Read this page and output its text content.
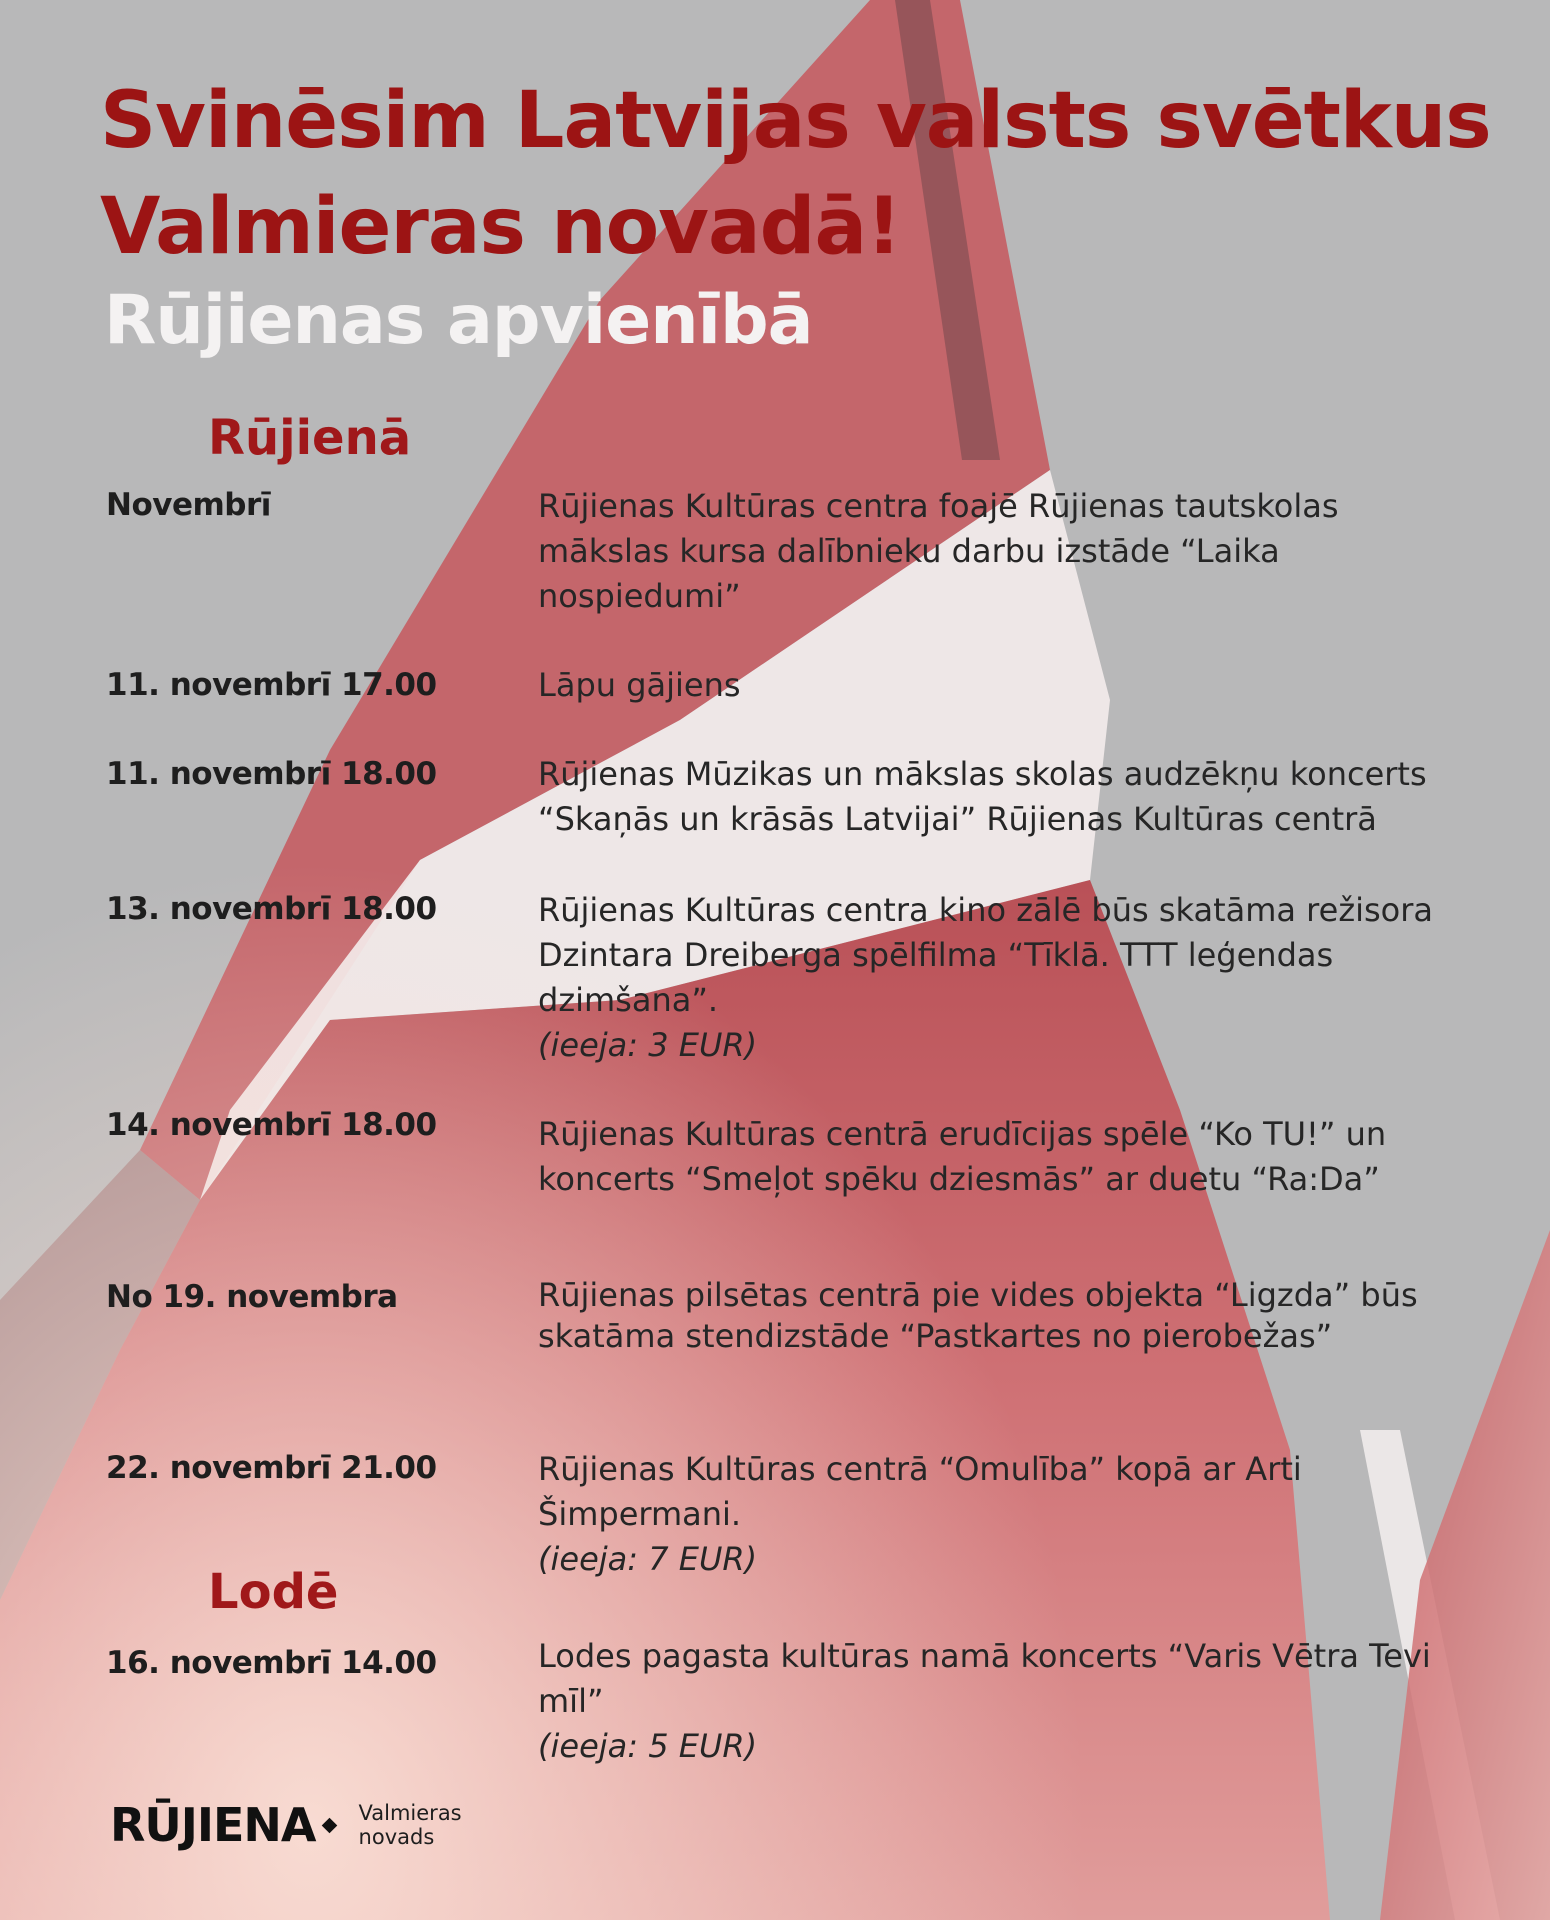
Svinēsim Latvijas valsts svētkus Valmieras novadā!
Rūjienas apvienībā
Rūjienā
Novembrī	Rūjienas Kultūras centra foajē Rūjienas tautskolas mākslas kursa dalībnieku darbu izstāde “Laika nospiedumi”
11. novembrī 17.00	Lāpu gājiens
11. novembrī 18.00	Rūjienas Mūzikas un mākslas skolas audzēkņu koncerts “Skaņās un krāsās Latvijai” Rūjienas Kultūras centrā
13. novembrī 18.00	Rūjienas Kultūras centra kino zālē būs skatāma režisora Dzintara Dreiberga spēlfilma “Tīklā. TTT leģendas dzimšana”.
(ieeja: 3 EUR)
14. novembrī 18.00	Rūjienas Kultūras centrā erudīcijas spēle “Ko TU!” un koncerts “Smeļot spēku dziesmās” ar duetu “Ra:Da”
No 19. novembra	Rūjienas pilsētas centrā pie vides objekta “Ligzda” būs skatāma stendizstāde “Pastkartes no pierobežas”
22. novembrī 21.00	Rūjienas Kultūras centrā “Omulība” kopā ar Arti Šimpermani.
(ieeja: 7 EUR)
Lodē
16. novembrī 14.00	Lodes pagasta kultūras namā koncerts “Varis Vētra Tevi mīl”
(ieeja: 5 EUR)
RŪJIENA Valmieras
novads
